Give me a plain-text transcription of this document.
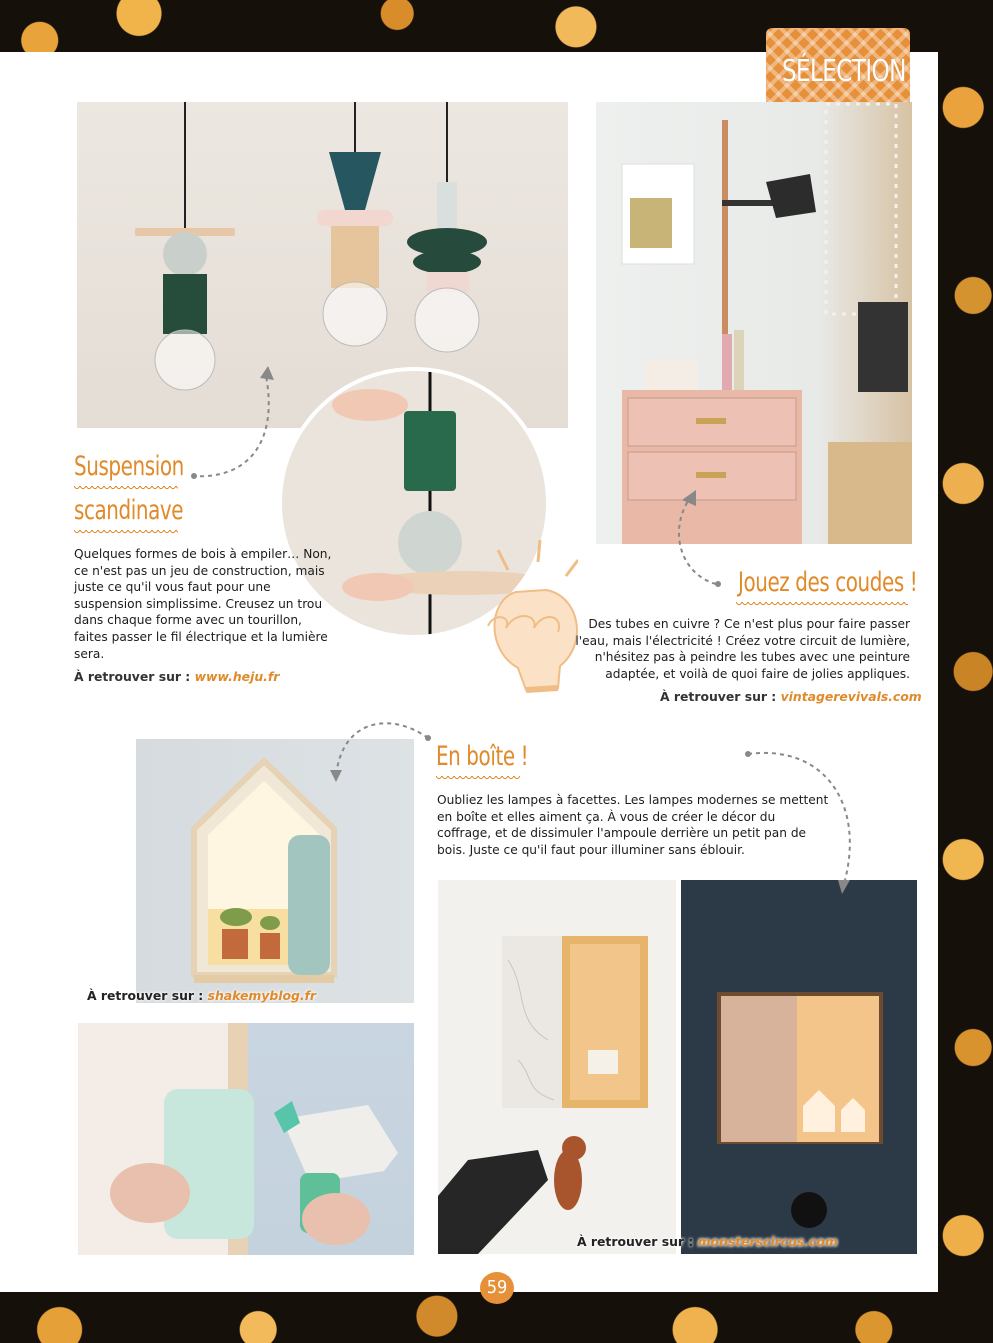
SÉLECTION
Suspension
scandinave
Quelques formes de bois à empiler… Non, ce n'est pas un jeu de construction, mais juste ce qu'il vous faut pour une suspension simplissime. Creusez un trou dans chaque forme avec un tourillon, faites passer le fil électrique et la lumière sera.
À retrouver sur : www.heju.fr
Jouez des coudes !
Des tubes en cuivre ? Ce n'est plus pour faire passer l'eau, mais l'électricité ! Créez votre circuit de lumière, n'hésitez pas à peindre les tubes avec une peinture adaptée, et voilà de quoi faire de jolies appliques.
À retrouver sur : vintagerevivals.com
En boîte !
Oubliez les lampes à facettes. Les lampes modernes se mettent en boîte et elles aiment ça. À vous de créer le décor du coffrage, et de dissimuler l'ampoule derrière un petit pan de bois. Juste ce qu'il faut pour illuminer sans éblouir.
À retrouver sur : shakemyblog.fr
À retrouver sur : monsterscircus.com
59
